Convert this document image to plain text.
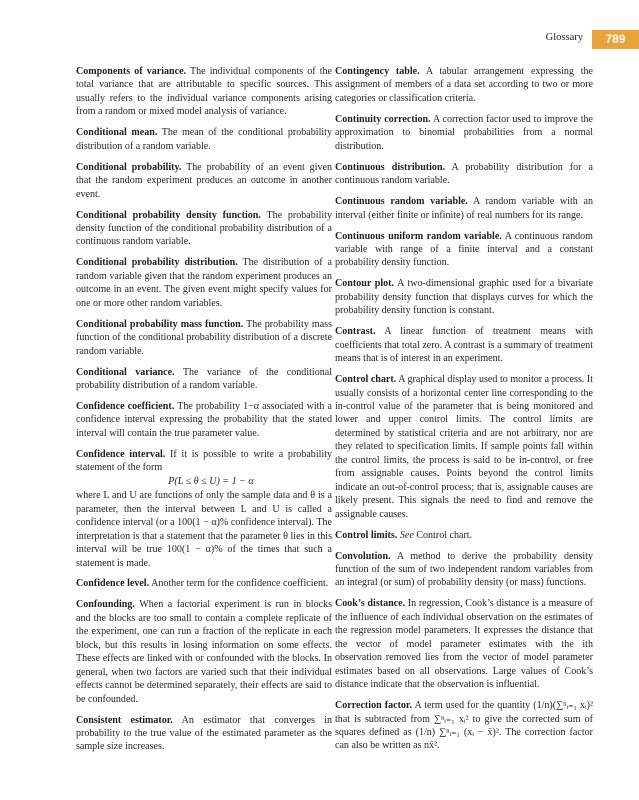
Glossary	789

Components of variance. The individual components of the total variance that are attributable to specific sources. This usually refers to the individual variance components arising from a random or mixed model analysis of variance.

Conditional mean. The mean of the conditional probability distribution of a random variable.

Conditional probability. The probability of an event given that the random experiment produces an outcome in another event.

Conditional probability density function. The probability density function of the conditional probability distribution of a continuous random variable.

Conditional probability distribution. The distribution of a random variable given that the random experiment produces an outcome in an event. The given event might specify values for one or more other random variables.

Conditional probability mass function. The probability mass function of the conditional probability distribution of a discrete random variable.

Conditional variance. The variance of the conditional probability distribution of a random variable.

Confidence coefficient. The probability 1−α associated with a confidence interval expressing the probability that the stated interval will contain the true parameter value.

Confidence interval. If it is possible to write a probability statement of the form
P(L ≤ θ ≤ U) = 1 − α
where L and U are functions of only the sample data and θ is a parameter, then the interval between L and U is called a confidence interval (or a 100(1 − α)% confidence interval). The interpretation is that a statement that the parameter θ lies in this interval will be true 100(1 − α)% of the times that such a statement is made.

Confidence level. Another term for the confidence coefficient.

Confounding. When a factorial experiment is run in blocks and the blocks are too small to contain a complete replicate of the experiment, one can run a fraction of the replicate in each block, but this results in losing information on some effects. These effects are linked with or confounded with the blocks. In general, when two factors are varied such that their individual effects cannot be determined separately, their effects are said to be confounded.

Consistent estimator. An estimator that converges in probability to the true value of the estimated parameter as the sample size increases.

Contingency table. A tabular arrangement expressing the assignment of members of a data set according to two or more categories or classification criteria.

Continuity correction. A correction factor used to improve the approximation to binomial probabilities from a normal distribution.

Continuous distribution. A probability distribution for a continuous random variable.

Continuous random variable. A random variable with an interval (either finite or infinite) of real numbers for its range.

Continuous uniform random variable. A continuous random variable with range of a finite interval and a constant probability density function.

Contour plot. A two-dimensional graphic used for a bivariate probability density function that displays curves for which the probability density function is constant.

Contrast. A linear function of treatment means with coefficients that total zero. A contrast is a summary of treatment means that is of interest in an experiment.

Control chart. A graphical display used to monitor a process. It usually consists of a horizontal center line corresponding to the in-control value of the parameter that is being monitored and lower and upper control limits. The control limits are determined by statistical criteria and are not arbitrary, nor are they related to specification limits. If sample points fall within the control limits, the process is said to be in-control, or free from assignable causes. Points beyond the control limits indicate an out-of-control process; that is, assignable causes are likely present. This signals the need to find and remove the assignable causes.

Control limits. See Control chart.

Convolution. A method to derive the probability density function of the sum of two independent random variables from an integral (or sum) of probability density (or mass) functions.

Cook’s distance. In regression, Cook’s distance is a measure of the influence of each individual observation on the estimates of the regression model parameters. It expresses the distance that the vector of model parameter estimates with the ith observation removed lies from the vector of model parameter estimates based on all observations. Large values of Cook’s distance indicate that the observation is influential.

Correction factor. A term used for the quantity (1/n)(∑ⁿᵢ₌₁ xᵢ)² that is subtracted from ∑ⁿᵢ₌₁ xᵢ² to give the corrected sum of squares defined as (1/n) ∑ⁿᵢ₌₁ (xᵢ − x̄)². The correction factor can also be written as nx̄².
